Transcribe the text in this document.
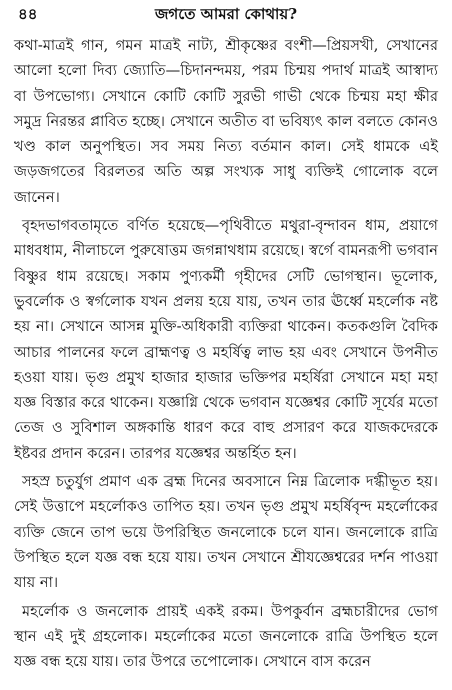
৪৪	জগতে আমরা কোথায়?

কথা-মাত্রই গান, গমন মাত্রই নাট্য, শ্রীকৃষ্ণের বংশী—প্রিয়সখী, সেখানের আলো হলো দিব্য জ্যোতি—চিদানন্দময়, পরম চিন্ময় পদার্থ মাত্রই আস্বাদ্য বা উপভোগ্য। সেখানে কোটি কোটি সুরভী গাভী থেকে চিন্ময় মহা ক্ষীর সমুদ্র নিরন্তর প্লাবিত হচ্ছে। সেখানে অতীত বা ভবিষ্যৎ কাল বলতে কোনও খণ্ড কাল অনুপস্থিত। সব সময় নিত্য বর্তমান কাল। সেই ধামকে এই জড়জগতের বিরলতর অতি অল্প সংখ্যক সাধু ব্যক্তিই গোলোক বলে জানেন।

বৃহদভাগবতামৃতে বর্ণিত হয়েছে—পৃথিবীতে মথুরা-বৃন্দাবন ধাম, প্রয়াগে মাধবধাম, নীলাচলে পুরুষোত্তম জগন্নাথধাম রয়েছে। স্বর্গে বামনরূপী ভগবান বিষ্ণুর ধাম রয়েছে। সকাম পুণ্যকর্মী গৃহীদের সেটি ভোগস্থান। ভূলোক, ভুবর্লোক ও স্বর্গলোক যখন প্রলয় হয়ে যায়, তখন তার ঊর্ধ্বে মহর্লোক নষ্ট হয় না। সেখানে আসন্ন মুক্তি-অধিকারী ব্যক্তিরা থাকেন। কতকগুলি বৈদিক আচার পালনের ফলে ব্রাহ্মণত্ব ও মহর্ষিত্ব লাভ হয় এবং সেখানে উপনীত হওয়া যায়। ভৃগু প্রমুখ হাজার হাজার ভক্তিপর মহর্ষিরা সেখানে মহা মহা যজ্ঞ বিস্তার করে থাকেন। যজ্ঞাগ্নি থেকে ভগবান যজ্ঞেশ্বর কোটি সূর্যের মতো তেজ ও সুবিশাল অঙ্গকান্তি ধারণ করে বাহু প্রসারণ করে যাজকদেরকে ইষ্টবর প্রদান করেন। তারপর যজ্ঞেশ্বর অন্তর্হিত হন।

সহস্র চতুর্যুগ প্রমাণ এক ব্রহ্ম দিনের অবসানে নিম্ন ত্রিলোক দগ্ধীভূত হয়। সেই উত্তাপে মহর্লোকও তাপিত হয়। তখন ভৃগু প্রমুখ মহর্ষিবৃন্দ মহর্লোকের ব্যক্তি জেনে তাপ ভয়ে উপরিস্থিত জনলোকে চলে যান। জনলোকে রাত্রি উপস্থিত হলে যজ্ঞ বন্ধ হয়ে যায়। তখন সেখানে শ্রীযজ্ঞেশ্বরের দর্শন পাওয়া যায় না।

মহর্লোক ও জনলোক প্রায়ই একই রকম। উপকুর্বান ব্রহ্মচারীদের ভোগ স্থান এই দুই গ্রহলোক। মহর্লোকের মতো জনলোকে রাত্রি উপস্থিত হলে যজ্ঞ বন্ধ হয়ে যায়। তার উপরে তপোলোক। সেখানে বাস করেন
